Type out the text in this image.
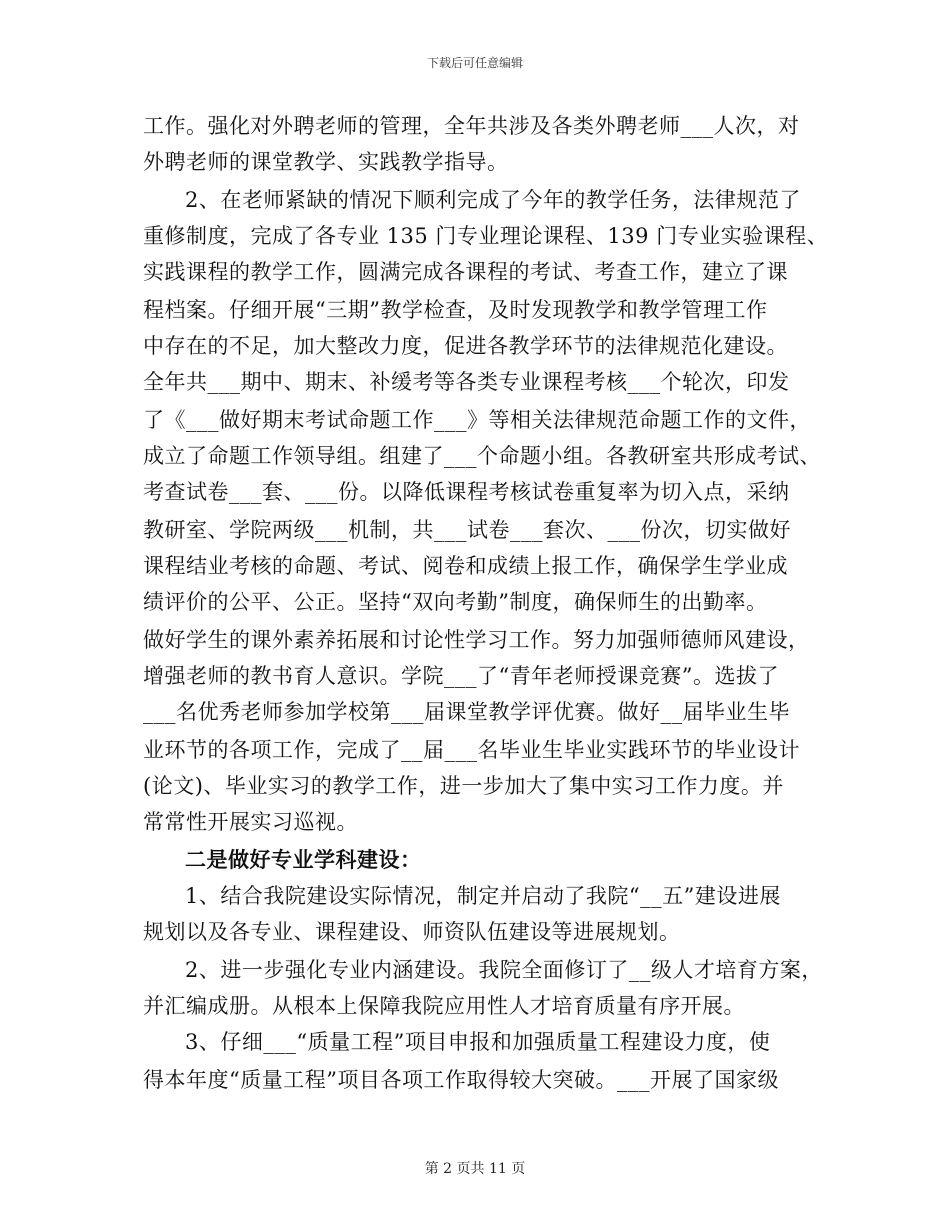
下载后可任意编辑
工作。强化对外聘老师的管理，全年共涉及各类外聘老师___人次，对
外聘老师的课堂教学、实践教学指导。
2、在老师紧缺的情况下顺利完成了今年的教学任务，法律规范了
重修制度，完成了各专业 135 门专业理论课程、139 门专业实验课程、
实践课程的教学工作，圆满完成各课程的考试、考查工作，建立了课
程档案。仔细开展“三期”教学检查，及时发现教学和教学管理工作
中存在的不足，加大整改力度，促进各教学环节的法律规范化建设。
全年共___期中、期末、补缓考等各类专业课程考核___个轮次，印发
了《___做好期末考试命题工作___》等相关法律规范命题工作的文件，
成立了命题工作领导组。组建了___个命题小组。各教研室共形成考试、
考查试卷___套、___份。以降低课程考核试卷重复率为切入点，采纳
教研室、学院两级___机制，共___试卷___套次、___份次，切实做好
课程结业考核的命题、考试、阅卷和成绩上报工作，确保学生学业成
绩评价的公平、公正。坚持“双向考勤”制度，确保师生的出勤率。
做好学生的课外素养拓展和讨论性学习工作。努力加强师德师风建设，
增强老师的教书育人意识。学院___了“青年老师授课竞赛”。选拔了
___名优秀老师参加学校第___届课堂教学评优赛。做好__届毕业生毕
业环节的各项工作，完成了__届___名毕业生毕业实践环节的毕业设计
(论文)、毕业实习的教学工作，进一步加大了集中实习工作力度。并
常常性开展实习巡视。
二是做好专业学科建设：
1、结合我院建设实际情况，制定并启动了我院“__五”建设进展
规划以及各专业、课程建设、师资队伍建设等进展规划。
2、进一步强化专业内涵建设。我院全面修订了__级人才培育方案，
并汇编成册。从根本上保障我院应用性人才培育质量有序开展。
3、仔细___“质量工程”项目申报和加强质量工程建设力度，使
得本年度“质量工程”项目各项工作取得较大突破。___开展了国家级
第 2 页共 11 页
